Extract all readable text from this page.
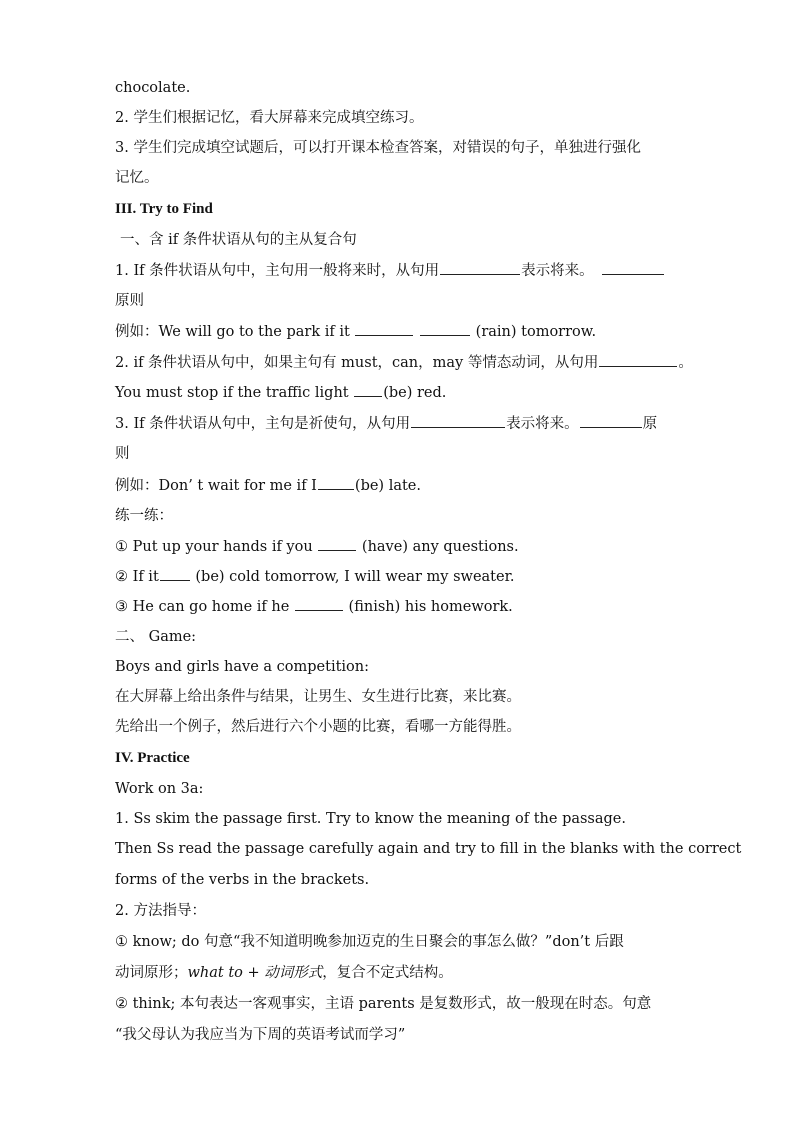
chocolate.
2. 学生们根据记忆，看大屏幕来完成填空练习。
3. 学生们完成填空试题后，可以打开课本检查答案，对错误的句子，单独进行强化
记忆。
III. Try to Find
一、含 if 条件状语从句的主从复合句
1. If 条件状语从句中，主句用一般将来时，从句用	表示将来。
原则
例如：We will go to the park if it	(rain) tomorrow.
2. if 条件状语从句中，如果主句有 must，can，may 等情态动词，从句用	。
You must stop if the traffic light (be) red.
3. If 条件状语从句中，主句是祈使句，从句用	表示将来。	原
则
例如：Don’ t wait for me if I	(be) late.
练一练：
① Put up your hands if you	(have) any questions.
② If it	(be) cold tomorrow, I will wear my sweater.
③ He can go home if he	(finish) his homework.
二、 Game:
Boys and girls have a competition:
在大屏幕上给出条件与结果，让男生、女生进行比赛，来比赛。
先给出一个例子，然后进行六个小题的比赛，看哪一方能得胜。
IV. Practice
Work on 3a:
1. Ss skim the passage first. Try to know the meaning of the passage.
Then Ss read the passage carefully again and try to fill in the blanks with the correct
forms of the verbs in the brackets.
2. 方法指导：
① know; do 句意“我不知道明晚参加迈克的生日聚会的事怎么做？”don’t 后跟
动词原形；what to + 动词形式，复合不定式结构。
② think; 本句表达一客观事实，主语 parents 是复数形式，故一般现在时态。句意
“我父母认为我应当为下周的英语考试而学习”
